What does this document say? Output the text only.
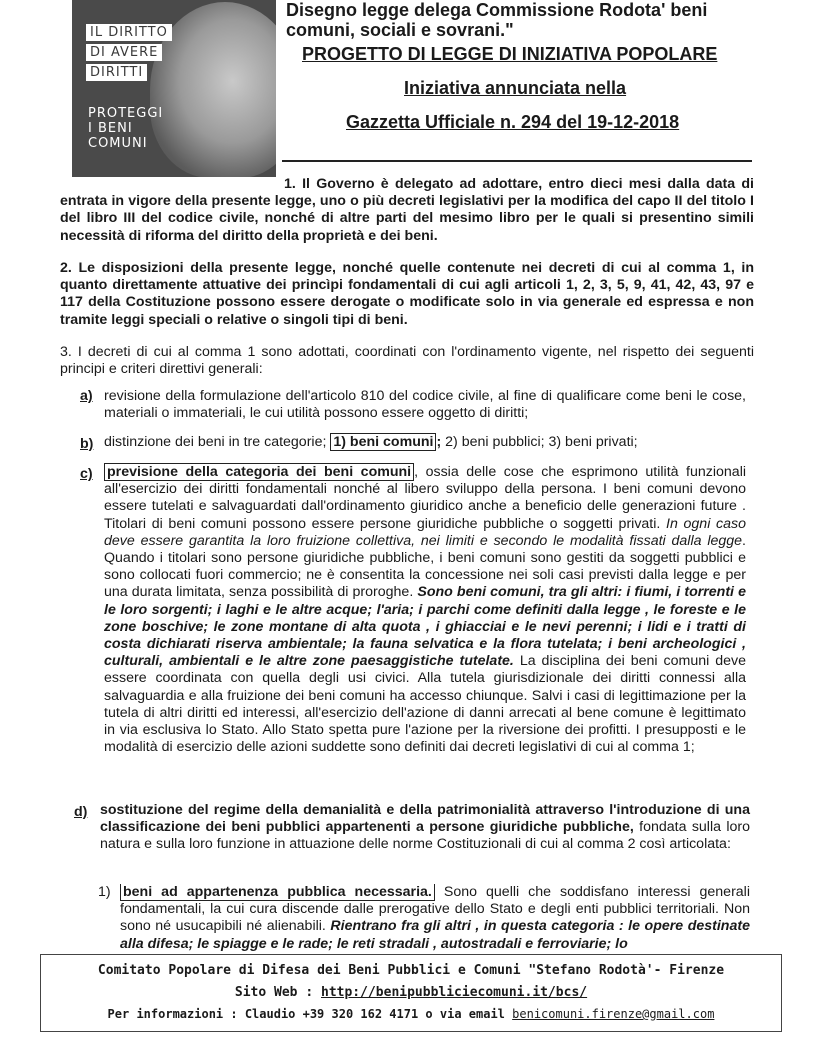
IL DIRITTO
DI AVERE
DIRITTI
PROTEGGI
I BENI
COMUNI
Disegno legge delega Commissione Rodota' beni
comuni, sociali e sovrani."
PROGETTO DI LEGGE DI INIZIATIVA POPOLARE
Iniziativa annunciata nella
Gazzetta Ufficiale n. 294 del 19-12-2018
1. Il Governo è delegato ad adottare, entro dieci mesi dalla data di entrata in vigore della presente legge, uno o più decreti legislativi per la modifica del capo II del titolo I del libro III del codice civile, nonché di altre parti del mesimo libro per le quali si presentino simili necessità di riforma del diritto della proprietà e dei beni.
2. Le disposizioni della presente legge, nonché quelle contenute nei decreti di cui al comma 1, in quanto direttamente attuative dei princìpi fondamentali di cui agli articoli 1, 2, 3, 5, 9, 41, 42, 43, 97 e 117 della Costituzione possono essere derogate o modificate solo in via generale ed espressa e non tramite leggi speciali o relative o singoli tipi di beni.
3. I decreti di cui al comma 1 sono adottati, coordinati con l'ordinamento vigente, nel rispetto dei seguenti principi e criteri direttivi generali:
a) revisione della formulazione dell'articolo 810 del codice civile, al fine di qualificare come beni le cose, materiali o immateriali, le cui utilità possono essere oggetto di diritti;
b) distinzione dei beni in tre categorie; 1) beni comuni ; 2) beni pubblici; 3) beni privati;
c) previsione della categoria dei beni comuni , ossia delle cose che esprimono utilità funzionali all'esercizio dei diritti fondamentali nonché al libero sviluppo della persona. I beni comuni devono essere tutelati e salvaguardati dall'ordinamento giuridico anche a beneficio delle generazioni future . Titolari di beni comuni possono essere persone giuridiche pubbliche o soggetti privati. In ogni caso deve essere garantita la loro fruizione collettiva, nei limiti e secondo le modalità fissati dalla legge. Quando i titolari sono persone giuridiche pubbliche, i beni comuni sono gestiti da soggetti pubblici e sono collocati fuori commercio; ne è consentita la concessione nei soli casi previsti dalla legge e per una durata limitata, senza possibilità di proroghe. Sono beni comuni, tra gli altri: i fiumi, i torrenti e le loro sorgenti; i laghi e le altre acque; l'aria; i parchi come definiti dalla legge , le foreste e le zone boschive; le zone montane di alta quota , i ghiacciai e le nevi perenni; i lidi e i tratti di costa dichiarati riserva ambientale; la fauna selvatica e la flora tutelata; i beni archeologici , culturali, ambientali e le altre zone paesaggistiche tutelate. La disciplina dei beni comuni deve essere coordinata con quella degli usi civici. Alla tutela giurisdizionale dei diritti connessi alla salvaguardia e alla fruizione dei beni comuni ha accesso chiunque. Salvi i casi di legittimazione per la tutela di altri diritti ed interessi, all'esercizio dell'azione di danni arrecati al bene comune è legittimato in via esclusiva lo Stato. Allo Stato spetta pure l'azione per la riversione dei profitti. I presupposti e le modalità di esercizio delle azioni suddette sono definiti dai decreti legislativi di cui al comma 1;
d) sostituzione del regime della demanialità e della patrimonialità attraverso l'introduzione di una classificazione dei beni pubblici appartenenti a persone giuridiche pubbliche, fondata sulla loro natura e sulla loro funzione in attuazione delle norme Costituzionali di cui al comma 2 così articolata:
1) beni ad appartenenza pubblica necessaria. Sono quelli che soddisfano interessi generali fondamentali, la cui cura discende dalle prerogative dello Stato e degli enti pubblici territoriali. Non sono né usucapibili né alienabili. Rientrano fra gli altri , in questa categoria : le opere destinate alla difesa; le spiagge e le rade; le reti stradali , autostradali e ferroviarie; lo
Comitato Popolare di Difesa dei Beni Pubblici e Comuni "Stefano Rodotà'- Firenze
Sito Web : http://benipubbliciecomuni.it/bcs/
Per informazioni : Claudio +39 320 162 4171 o via email benicomuni.firenze@gmail.com
